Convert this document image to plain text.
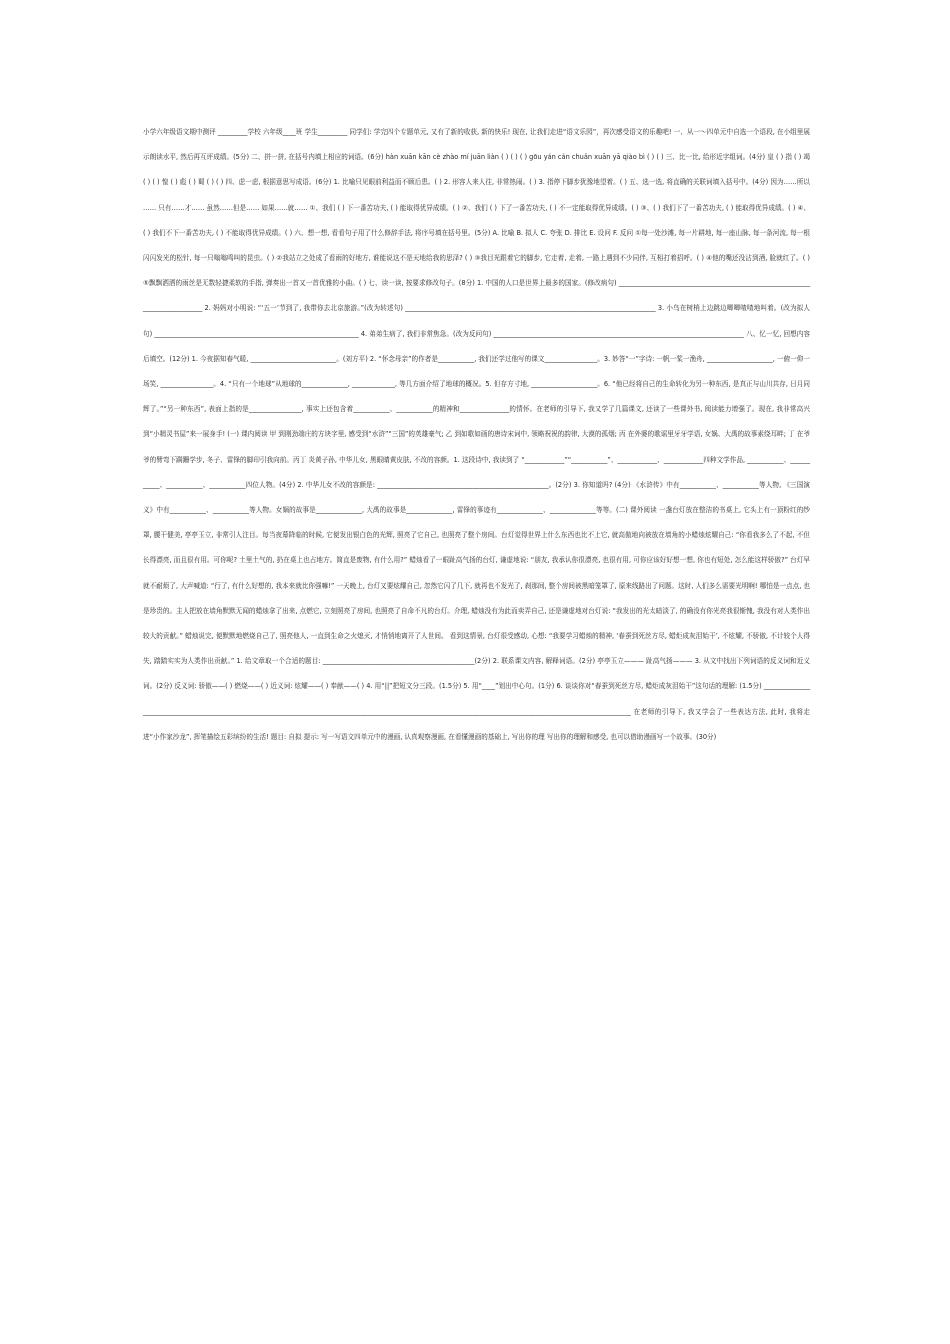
小学六年级语文期中测评 _________学校 六年级____班 学生_________ 同学们: 学完四个专题单元, 又有了新的收获, 新的快乐! 现在, 让我们走进“语文乐园”，再次感受语文的乐趣吧! 一、从一～四单元中自选一个语段, 在小组里展示朗读水平, 然后再互评成绩。(5分) 二、拼一拼, 在括号内填上相应的词语。(6分) hàn xuān kān cè zhào mí juān liàn ( ) ( ) ( ) gōu yán cán chuǎn xuān yā qiào bì ( ) ( ) 三、比一比, 给形近字组词。(4分) 皇 ( ) 指 ( ) 竭 ( ) ( ) 惶 ( ) 彪 ( ) 蜀 ( ) ( ) 四、虑一虑, 根据意思写成语。(6分) 1. 比喻只见眼前利益而不顾后患。( ) 2. 形容人来人往, 非常热闹。( ) 3. 指停下脚步犹豫地望着。( ) 五、选一选, 将直确的关联词填入括号中。(4分) 因为……所以 …… 只有……才…… 虽然……但是…… 如果……就…… ①、我们 ( ) 下一番苦功夫, ( ) 能取得优异成绩。( ) ②、我们 ( ) 下了一番苦功夫, ( ) 不一定能取得优异成绩。( ) ③、( ) 我们下了一番苦功夫, ( ) 能取得优异成绩。( ) ④、( ) 我们不下一番苦功夫, ( ) 不能取得优异成绩。( ) 六、想一想, 看看句子用了什么修辞手法, 将序号填在括号里。(5分) A. 比喻 B. 拟人 C. 夸张 D. 排比 E. 设问 F. 反问 ①每一处沙滩, 每一片耕地, 每一座山脉, 每一条河流, 每一根闪闪发光的松针, 每一只嗡嗡鸣叫的昆虫。( ) ②我站立之处成了看雨的好地方, 谁能说这不是天地给我的思泽? ( ) ③我目光跟着它的脚步, 它走着, 走着, 一路上遇到不少同伴, 互相打着招呼。( ) ④他的嘴还没沾到酒, 脸就红了。( ) ⑤飘飘洒洒的雨丝是无数轻捷柔软的手指, 弹奏出一首又一首优雅的小曲。( ) 七、读一读, 按要求修改句子。(8分) 1. 中国的人口是世界上最多的国家。(修改病句) ____________________________________________________________________________ 2. 妈妈对小明说: “‘五一’节到了, 我带你去北京旅游。”(改为转述句) ____________________________________________________________________________ 3. 小鸟在树梢上边跳边唧唧喳喳地叫着。(改为拟人句) ______________________________________________________________ 4. 弟弟生病了, 我们非常焦急。(改为反问句) ____________________________________________________________________________ 八、忆一忆, 回想内容后填空。(12分) 1. 今夜据知春气暖, __________________________。(刘方平) 2. “怀念母亲”的作者是___________, 我们还学过他写的课文________________。3. 妙答“一”字诗: 一帆一桨一渔舟, ____________________, 一俯一仰一场笑, ________________。4. “只有一个地球”从地球的______________, _____________, 等几方面介绍了地球的概况。5. 但存方寸地, ____________________。6. “他已经将自己的生命转化为另一种东西, 是真正与山川共存, 日月同辉了。”“另一种东西”, 表面上指的是________________, 事实上还包含着___________、___________的精神和_______________的情怀。在老师的引导下, 我又学了几篇课文, 还读了一些课外书, 阅读能力增强了。现在, 我非常高兴到“小精灵书屋”来一展身手! (一) 课内阅读 甲 到刚劲端庄的方块字里, 感受到“水浒”“三国”的英雄豪气; 乙 到如歌如画的唐诗宋词中, 领略祝祝的韵律, 大漠的孤烟; 丙 在外婆的歌谣里牙牙学语, 女娲、大禹的故事素绕耳畔; 丁 在爷爷的臂弯下蹒跚学步, 冬子、雷锋的脚印引我向前。丙丁 炎黄子孙, 中华儿女, 黑眼睛黄皮肤, 不改的容颜。1. 这段诗中, 我读到了 “____________”“___________”、____________、____________四种文学作品, ___________、___________、___________、___________四位人物。(4分) 2. 中华儿女不改的容颜是: ____________________________________________________。(2分) 3. 你知道吗? (4分) 《水浒传》中有___________、___________等人物, 《三国演义》中有___________、___________等人物。女娲的故事是______________, 大禹的故事是______________, 雷锋的事迹有______________、______________等等。(二) 课外阅读 一盏台灯放在整洁的书桌上, 它头上有一顶粉红的纱罩, 腰干健美, 亭亭玉立, 非常引人注目。每当夜幕降临的时候, 它便发出银白色的光辉, 照亮了它自己, 也照亮了整个房间。台灯觉得世界上什么东西也比不上它, 就高傲地向被放在墙角的小蜡烛炫耀自己: “你看我多么了不起, 不但长得漂亮, 而且很有用。可你呢? 土里土气的, 扔在桌上也占地方。简直是废物, 有什么用?” 蜡烛看了一眼趾高气扬的台灯, 谦虚地说: “朋友, 我承认你很漂亮, 也很有用, 可你应该好好想一想, 你也有短处, 怎么能这样骄傲?” 台灯早就不耐烦了, 大声喊道: “行了, 有什么好想的, 我本来就比你强嘛!” 一天晚上, 台灯又要炫耀自己, 忽然它闪了几下, 就再也不发光了, 刹那间, 整个房间被黑暗笼罩了, 原来线路出了问题。这时, 人们多么需要光明啊! 哪怕是一点点, 也是珍贵的。主人把放在墙角默默无闻的蜡烛拿了出来, 点燃它, 立刻照亮了房间, 也照亮了自命不凡的台灯。介理, 蜡烛没有为此而卖弄自己, 还是谦虚地对台灯说: “我发出的光太暗淡了, 的确没有你光亮我很惭愧, 我没有对人类作出较大的贡献。” 蜡烛说完, 便默默地燃烧自己了, 照亮他人, 一直到生命之火熄灭, 才悄悄地离开了人世间。 看到这情景, 台灯很受感动, 心想: “我要学习蜡烛的精神, ‘春蚕到死丝方尽, 蜡炬成灰泪始干’, 不炫耀, 不骄傲, 不计较个人得失, 踏踏实实为人类作出贡献。” 1. 给文章取一个合适的题目: ______________________________________________(2分) 2. 联系课文内容, 解释词语。(2分) 亭亭玉立——— 趾高气扬——— 3. 从文中找出下列词语的反义词和近义词。(2分) 反义词: 骄傲——( ) 燃烧——( ) 近义词: 炫耀——( ) 奉献——( ) 4. 用“||”把短文分三段。(1.5分) 5. 用“____”划出中心句。(1分) 6. 谈谈你对“春蚕到死丝方尽, 蜡炬成灰泪始干”这句话的理解: (1.5分) __________________________________________________________________________________________________________________________________________________________________ 在老师的引导下, 我又学会了一些表达方法, 此时, 我将走进“小作家沙龙”, 挥笔描绘五彩缤纷的生活! 题目: 自拟 提示: 写一写语文四单元中的漫画, 认真观察漫画, 在看懂漫画的基础上, 写出你的理 写出你的理解和感受, 也可以借助漫画写一个故事。(30分)
